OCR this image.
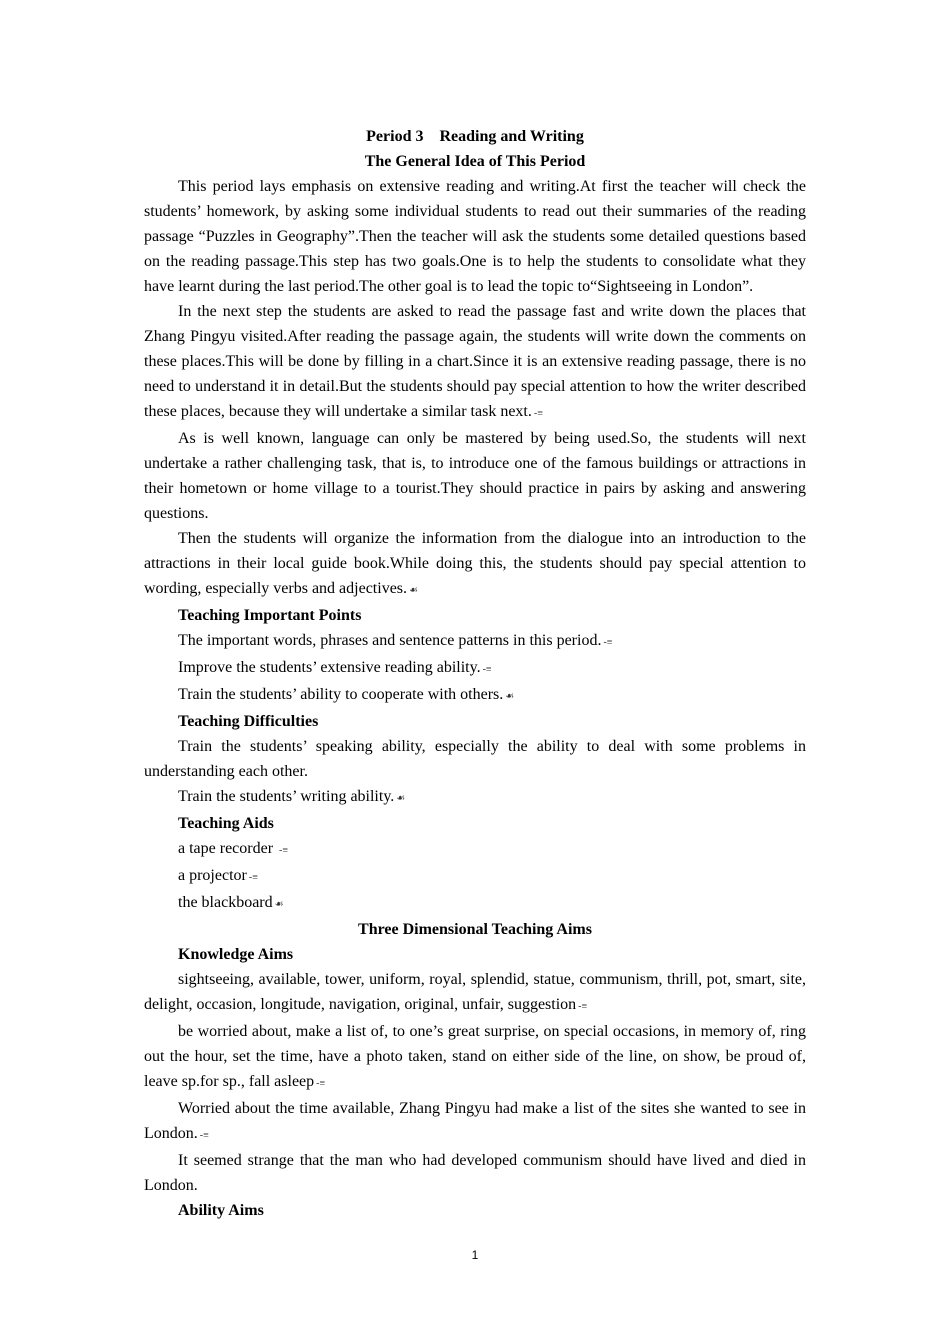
Period 3　Reading and Writing
The General Idea of This Period

This period lays emphasis on extensive reading and writing.At first the teacher will check the students’ homework, by asking some individual students to read out their summaries of the reading passage “Puzzles in Geography”.Then the teacher will ask the students some detailed questions based on the reading passage.This step has two goals.One is to help the students to consolidate what they have learnt during the last period.The other goal is to lead the topic to“Sightseeing in London”.

In the next step the students are asked to read the passage fast and write down the places that Zhang Pingyu visited.After reading the passage again, the students will write down the comments on these places.This will be done by filling in a chart.Since it is an extensive reading passage, there is no need to understand it in detail.But the students should pay special attention to how the writer described these places, because they will undertake a similar task next. -≡

As is well known, language can only be mastered by being used.So, the students will next undertake a rather challenging task, that is, to introduce one of the famous buildings or attractions in their hometown or home village to a tourist.They should practice in pairs by asking and answering questions.

Then the students will organize the information from the dialogue into an introduction to the attractions in their local guide book.While doing this, the students should pay special attention to wording, especially verbs and adjectives. ☙

Teaching Important Points
The important words, phrases and sentence patterns in this period. -≡
Improve the students’ extensive reading ability. -≡
Train the students’ ability to cooperate with others. ☙
Teaching Difficulties

Train the students’ speaking ability, especially the ability to deal with some problems in understanding each other.

Train the students’ writing ability. ☙
Teaching Aids
a tape recorder -≡
a projector -≡
the blackboard ☙
Three Dimensional Teaching Aims
Knowledge Aims

sightseeing, available, tower, uniform, royal, splendid, statue, communism, thrill, pot, smart, site, delight, occasion, longitude, navigation, original, unfair, suggestion -≡

be worried about, make a list of, to one’s great surprise, on special occasions, in memory of, ring out the hour, set the time, have a photo taken, stand on either side of the line, on show, be proud of, leave sp.for sp., fall asleep -≡

Worried about the time available, Zhang Pingyu had make a list of the sites she wanted to see in London. -≡

It seemed strange that the man who had developed communism should have lived and died in London.

Ability Aims
1
